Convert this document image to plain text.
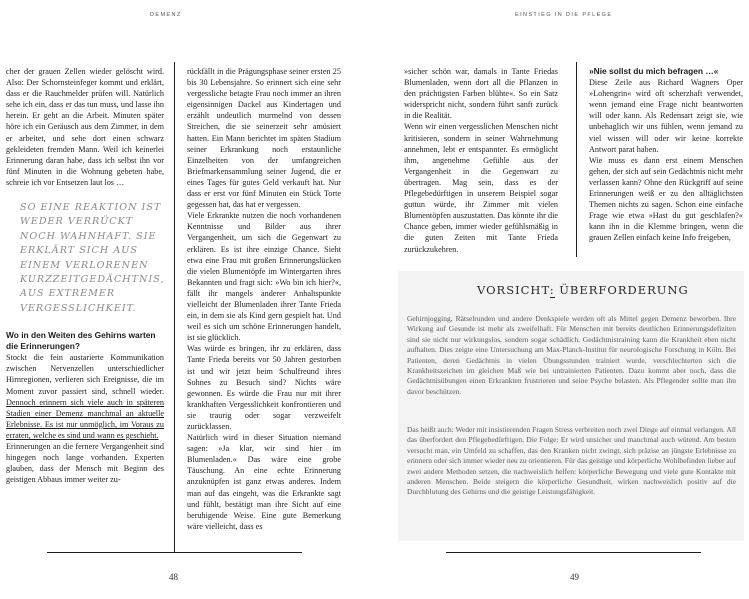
DEMENZ	EINSTIEG IN DIE PFLEGE

cher der grauen Zellen wieder gelöscht wird. Also: Der Schornsteinfeger kommt und erklärt, dass er die Rauchmelder prüfen will. Natürlich sehe ich ein, dass er das tun muss, und lasse ihn herein. Er geht an die Arbeit. Minuten später höre ich ein Geräusch aus dem Zimmer, in dem er arbeitet, und sehe dort einen schwarz gekleideten fremden Mann. Weil ich keinerlei Erinnerung daran habe, dass ich selbst ihn vor fünf Minuten in die Wohnung gebeten habe, schreie ich vor Entsetzen laut los …

SO EINE REAKTION IST WEDER VERRÜCKT NOCH WAHNHAFT. SIE ERKLÄRT SICH AUS EINEM VERLORENEN KURZZEITGEDÄCHTNIS, AUS EXTREMER VERGESSLICHKEIT.

Wo in den Weiten des Gehirns warten die Erinnerungen?

Stockt die fein austarierte Kommunikation zwischen Nervenzellen unterschiedlicher Hirnregionen, verlieren sich Ereignisse, die im Moment zuvor passiert sind, schnell wieder. Dennoch erinnern sich viele auch in späteren Stadien einer Demenz manchmal an aktuelle Erlebnisse. Es ist nur unmöglich, im Voraus zu erraten, welche es sind und wann es geschieht.

Erinnerungen an die fernere Vergangenheit sind hingegen noch lange vorhanden. Experten glauben, dass der Mensch mit Beginn des geistigen Abbaus immer weiter zu-

rückfällt in die Prägungsphase seiner ersten 25 bis 30 Lebensjahre. So erinnert sich eine sehr vergessliche betagte Frau noch immer an ihren eigensinnigen Dackel aus Kindertagen und erzählt undeutlich murmelnd von dessen Streichen, die sie seinerzeit sehr amüsiert hatten. Ein Mann berichtet im späten Stadium seiner Erkrankung noch erstaunliche Einzelheiten von der umfangreichen Briefmarkensammlung seiner Jugend, die er eines Tages für gutes Geld verkauft hat. Nur dass er erst vor fünf Minuten ein Stück Torte gegessen hat, das hat er vergessen.

Viele Erkrankte nutzen die noch vorhandenen Kenntnisse und Bilder aus ihrer Vergangenheit, um sich die Gegenwart zu erklären. Es ist ihre einzige Chance. Sieht etwa eine Frau mit großen Erinnerungslücken die vielen Blumentöpfe im Wintergarten ihres Bekannten und fragt sich: »Wo bin ich hier?«, fällt ihr mangels anderer Anhaltspunkte vielleicht der Blumenladen ihrer Tante Frieda ein, in dem sie als Kind gern gespielt hat. Und weil es sich um schöne Erinnerungen handelt, ist sie glücklich.

Was würde es bringen, ihr zu erklären, dass Tante Frieda bereits vor 50 Jahren gestorben ist und wir jetzt beim Schulfreund ihres Sohnes zu Besuch sind? Nichts wäre gewonnen. Es würde die Frau nur mit ihrer krankhaften Vergesslichkeit konfrontieren und sie traurig oder sogar verzweifelt zurücklassen.

Natürlich wird in dieser Situation niemand sagen: »Ja klar, wir sind hier im Blumenladen.« Das wäre eine grobe Täuschung. An eine echte Erinnerung anzuknüpfen ist ganz etwas anderes. Indem man auf das eingeht, was die Erkrankte sagt und fühlt, bestätigt man ihre Sicht auf eine beruhigende Weise. Eine gute Bemerkung wäre vielleicht, dass es

48

»sicher schön war, damals in Tante Friedas Blumenladen, wenn dort all die Pflanzen in den prächtigsten Farben blühte«. So ein Satz widerspricht nicht, sondern führt sanft zurück in die Realität.

Wenn wir einen vergesslichen Menschen nicht kritisieren, sondern in seiner Wahrnehmung annehmen, lebt er entspannter. Es ermöglicht ihm, angenehme Gefühle aus der Vergangenheit in die Gegenwart zu übertragen. Mag sein, dass es der Pflegebedürftigen in unserem Beispiel sogar guttun würde, ihr Zimmer mit vielen Blumentöpfen auszustatten. Das könnte ihr die Chance geben, immer wieder gefühlsmäßig in die guten Zeiten mit Tante Frieda zurückzukehren.

»Nie sollst du mich befragen …«

Diese Zeile aus Richard Wagners Oper »Lohengrin« wird oft scherzhaft verwendet, wenn jemand eine Frage nicht beantworten will oder kann. Als Redensart zeigt sie, wie unbehaglich wir uns fühlen, wenn jemand zu viel wissen will oder wir keine korrekte Antwort parat haben.

Wie muss es dann erst einem Menschen gehen, der sich auf sein Gedächtnis nicht mehr verlassen kann? Ohne den Rückgriff auf seine Erinnerungen weiß er zu den alltäglichsten Themen nichts zu sagen. Schon eine einfache Frage wie etwa »Hast du gut geschlafen?« kann ihn in die Klemme bringen, wenn die grauen Zellen einfach keine Info freigeben,

VORSICHT: ÜBERFORDERUNG
Gehirnjogging, Rätselrunden und andere Denkspiele werden oft als Mittel gegen Demenz beworben. Ihre Wirkung auf Gesunde ist mehr als zweifelhaft. Für Menschen mit bereits deutlichen Erinnerungsdefiziten sind sie nicht nur wirkungslos, sondern sogar schädlich. Gedächtnistraining kann die Krankheit eben nicht aufhalten. Dies zeigte eine Untersuchung am Max-Planck-Institut für neurologische Forschung in Köln. Bei Patienten, deren Gedächtnis in vielen Übungsstunden trainiert wurde, verschlechterten sich die Krankheitszeichen im gleichen Maß wie bei untrainierten Patienten. Dazu kommt aber noch, dass die Gedächtnisübungen einen Erkrankten frustrieren und seine Psyche belasten. Als Pflegender sollte man ihn davor beschützen.
Das heißt auch: Weder mit insistierenden Fragen Stress verbreiten noch zwei Dinge auf einmal verlangen. All das überfordert den Pflegebedürftigen. Die Folge: Er wird unsicher und manchmal auch wütend. Am besten versucht man, ein Umfeld zu schaffen, das den Kranken nicht zwingt, sich präzise an jüngste Erlebnisse zu erinnern oder sich immer wieder neu zu orientieren. Für das geistige und körperliche Wohlbefinden lieber auf zwei andere Methoden setzen, die nachweislich helfen: körperliche Bewegung und viele gute Kontakte mit anderen Menschen. Beide steigern die körperliche Gesundheit, wirken nachweislich positiv auf die Durchblutung des Gehirns und die geistige Leistungsfähigkeit.
49
